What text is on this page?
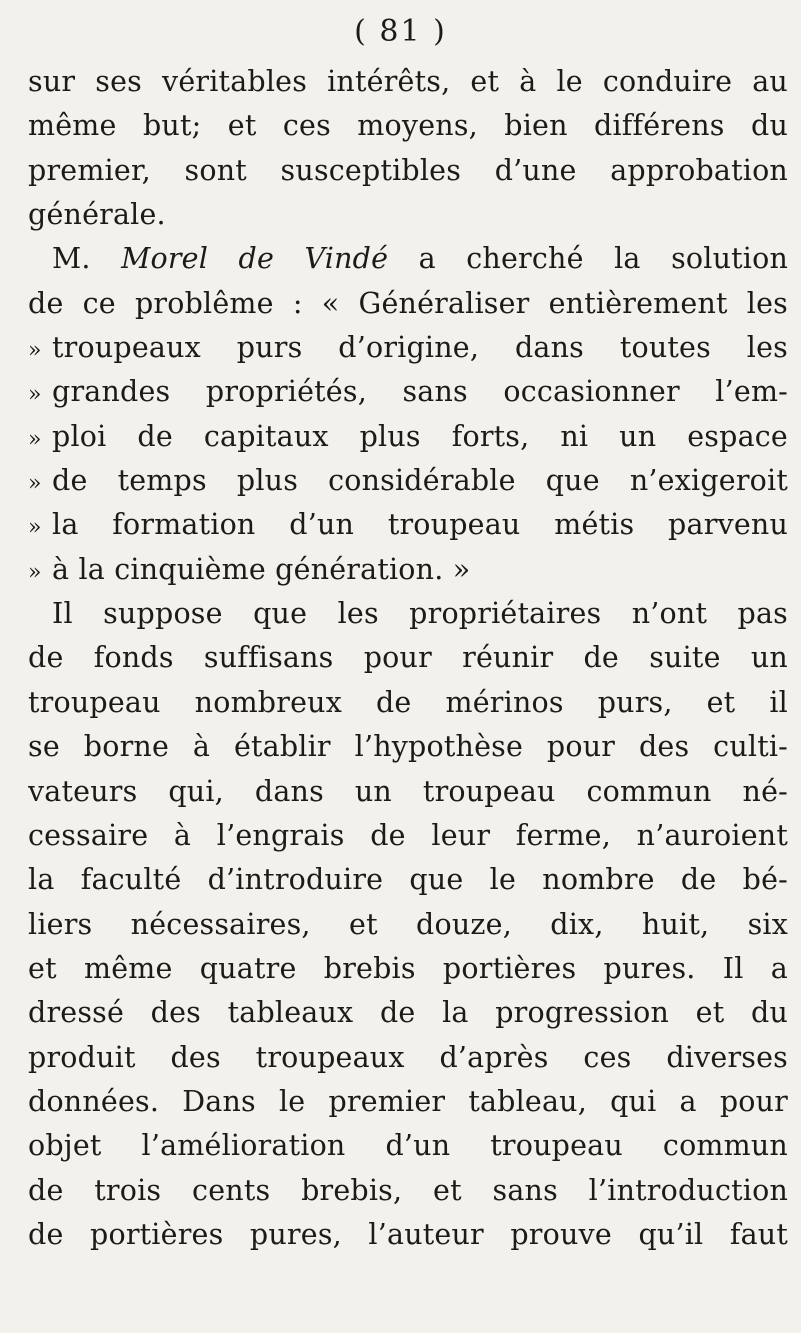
( 81 )
sur ses véritables intérêts, et à le conduire au
même but; et ces moyens, bien différens du
premier, sont susceptibles d’une approbation
générale.
M. Morel de Vindé a cherché la solution
de ce problême : « Généraliser entièrement les
» troupeaux purs d’origine, dans toutes les
» grandes propriétés, sans occasionner l’em-
» ploi de capitaux plus forts, ni un espace
» de temps plus considérable que n’exigeroit
» la formation d’un troupeau métis parvenu
» à la cinquième génération. »
Il suppose que les propriétaires n’ont pas
de fonds suffisans pour réunir de suite un
troupeau nombreux de mérinos purs, et il
se borne à établir l’hypothèse pour des culti-
vateurs qui, dans un troupeau commun né-
cessaire à l’engrais de leur ferme, n’auroient
la faculté d’introduire que le nombre de bé-
liers nécessaires, et douze, dix, huit, six
et même quatre brebis portières pures. Il a
dressé des tableaux de la progression et du
produit des troupeaux d’après ces diverses
données. Dans le premier tableau, qui a pour
objet l’amélioration d’un troupeau commun
de trois cents brebis, et sans l’introduction
de portières pures, l’auteur prouve qu’il faut
